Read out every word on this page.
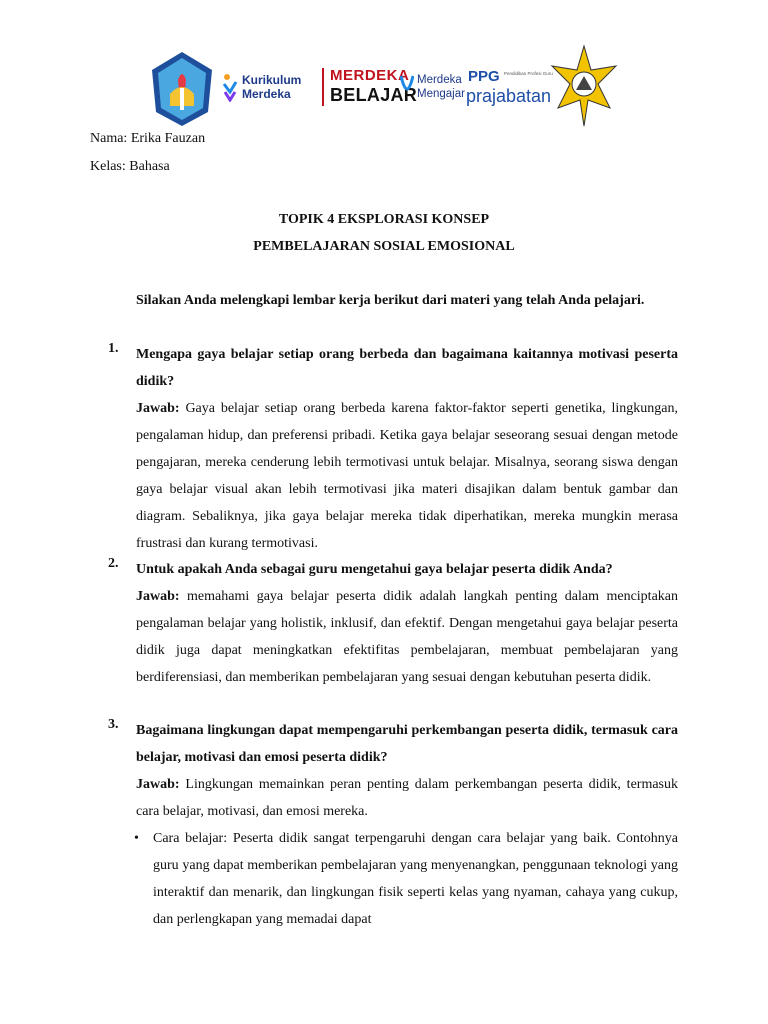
Kurikulum
Merdeka
MERDEKA
BELAJAR
Merdeka
Mengajar
PPG Pendidikan Profesi Guru
prajabatan
Nama: Erika Fauzan
Kelas: Bahasa
TOPIK 4 EKSPLORASI KONSEP
PEMBELAJARAN SOSIAL EMOSIONAL
Silakan Anda melengkapi lembar kerja berikut dari materi yang telah Anda pelajari.
1. Mengapa gaya belajar setiap orang berbeda dan bagaimana kaitannya motivasi peserta didik?
Jawab: Gaya belajar setiap orang berbeda karena faktor-faktor seperti genetika, lingkungan, pengalaman hidup, dan preferensi pribadi. Ketika gaya belajar seseorang sesuai dengan metode pengajaran, mereka cenderung lebih termotivasi untuk belajar. Misalnya, seorang siswa dengan gaya belajar visual akan lebih termotivasi jika materi disajikan dalam bentuk gambar dan diagram. Sebaliknya, jika gaya belajar mereka tidak diperhatikan, mereka mungkin merasa frustrasi dan kurang termotivasi.
2. Untuk apakah Anda sebagai guru mengetahui gaya belajar peserta didik Anda?
Jawab: memahami gaya belajar peserta didik adalah langkah penting dalam menciptakan pengalaman belajar yang holistik, inklusif, dan efektif. Dengan mengetahui gaya belajar peserta didik juga dapat meningkatkan efektifitas pembelajaran, membuat pembelajaran yang berdiferensiasi, dan memberikan pembelajaran yang sesuai dengan kebutuhan peserta didik.
3. Bagaimana lingkungan dapat mempengaruhi perkembangan peserta didik, termasuk cara belajar, motivasi dan emosi peserta didik?
Jawab: Lingkungan memainkan peran penting dalam perkembangan peserta didik, termasuk cara belajar, motivasi, dan emosi mereka.
• Cara belajar: Peserta didik sangat terpengaruhi dengan cara belajar yang baik. Contohnya guru yang dapat memberikan pembelajaran yang menyenangkan, penggunaan teknologi yang interaktif dan menarik, dan lingkungan fisik seperti kelas yang nyaman, cahaya yang cukup, dan perlengkapan yang memadai dapat
